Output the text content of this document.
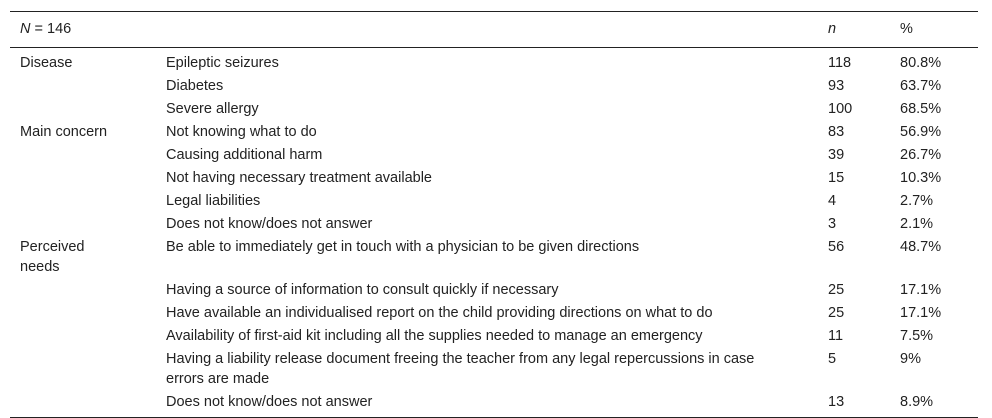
N = 146		n	%
Disease	Epileptic seizures	118	80.8%

	Diabetes	93	63.7%

	Severe allergy	100	68.5%
Main concern	Not knowing what to do	83	56.9%

	Causing additional harm	39	26.7%

	Not having necessary treatment available	15	10.3%

	Legal liabilities	4	2.7%

	Does not know/does not answer	3	2.1%

Perceived needs	Be able to immediately get in touch with a physician to be given directions	56	48.7%

	Having a source of information to consult quickly if necessary	25	17.1%

	Have available an individualised report on the child providing directions on what to do	25	17.1%

	Availability of first-aid kit including all the supplies needed to manage an emergency	11	7.5%

	Having a liability release document freeing the teacher from any legal repercussions in case errors are made	5	9%

	Does not know/does not answer	13	8.9%
